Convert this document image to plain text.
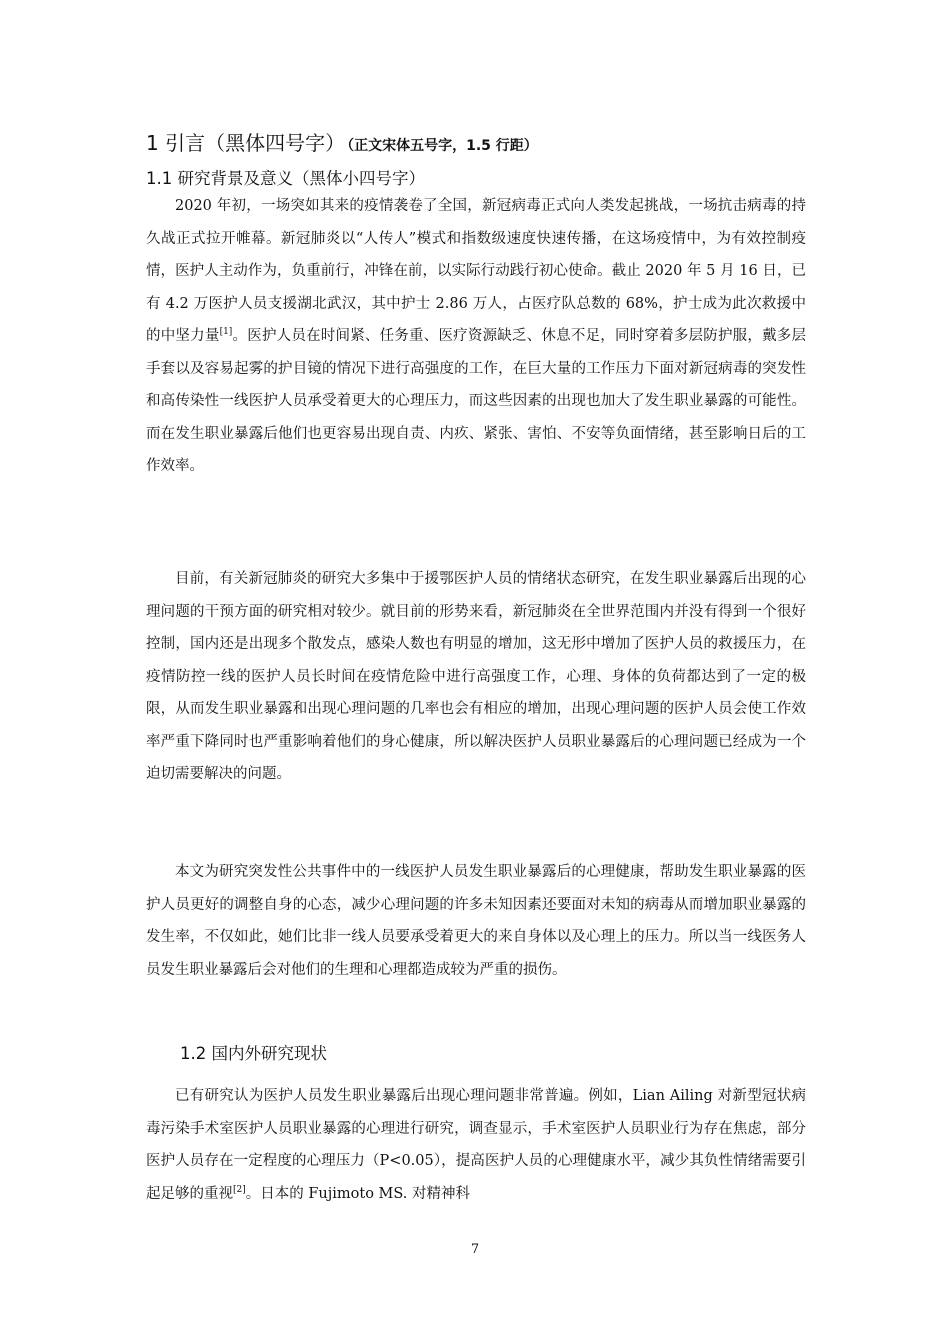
1 引言（黑体四号字） （正文宋体五号字，1.5 行距）
1.1 研究背景及意义（黑体小四号字）

2020 年初，一场突如其来的疫情袭卷了全国，新冠病毒正式向人类发起挑战，一场抗击病毒的持久战正式拉开帷幕。新冠肺炎以“人传人”模式和指数级速度快速传播，在这场疫情中，为有效控制疫情，医护人主动作为，负重前行，冲锋在前，以实际行动践行初心使命。截止 2020 年 5 月 16 日，已有 4.2 万医护人员支援湖北武汉，其中护士 2.86 万人，占医疗队总数的 68%，护士成为此次救援中的中坚力量[1]。医护人员在时间紧、任务重、医疗资源缺乏、休息不足，同时穿着多层防护服，戴多层手套以及容易起雾的护目镜的情况下进行高强度的工作，在巨大量的工作压力下面对新冠病毒的突发性和高传染性一线医护人员承受着更大的心理压力，而这些因素的出现也加大了发生职业暴露的可能性。而在发生职业暴露后他们也更容易出现自责、内疚、紧张、害怕、不安等负面情绪，甚至影响日后的工作效率。

目前，有关新冠肺炎的研究大多集中于援鄂医护人员的情绪状态研究，在发生职业暴露后出现的心理问题的干预方面的研究相对较少。就目前的形势来看，新冠肺炎在全世界范围内并没有得到一个很好控制，国内还是出现多个散发点，感染人数也有明显的增加，这无形中增加了医护人员的救援压力，在疫情防控一线的医护人员长时间在疫情危险中进行高强度工作，心理、身体的负荷都达到了一定的极限，从而发生职业暴露和出现心理问题的几率也会有相应的增加，出现心理问题的医护人员会使工作效率严重下降同时也严重影响着他们的身心健康，所以解决医护人员职业暴露后的心理问题已经成为一个迫切需要解决的问题。

本文为研究突发性公共事件中的一线医护人员发生职业暴露后的心理健康，帮助发生职业暴露的医护人员更好的调整自身的心态，减少心理问题的许多未知因素还要面对未知的病毒从而增加职业暴露的发生率，不仅如此，她们比非一线人员要承受着更大的来自身体以及心理上的压力。所以当一线医务人员发生职业暴露后会对他们的生理和心理都造成较为严重的损伤。

1.2 国内外研究现状

已有研究认为医护人员发生职业暴露后出现心理问题非常普遍。例如，Lian Ailing 对新型冠状病毒污染手术室医护人员职业暴露的心理进行研究，调查显示，手术室医护人员职业行为存在焦虑，部分医护人员存在一定程度的心理压力（P<0.05），提高医护人员的心理健康水平，减少其负性情绪需要引起足够的重视[2]。日本的 Fujimoto MS. 对精神科

7
